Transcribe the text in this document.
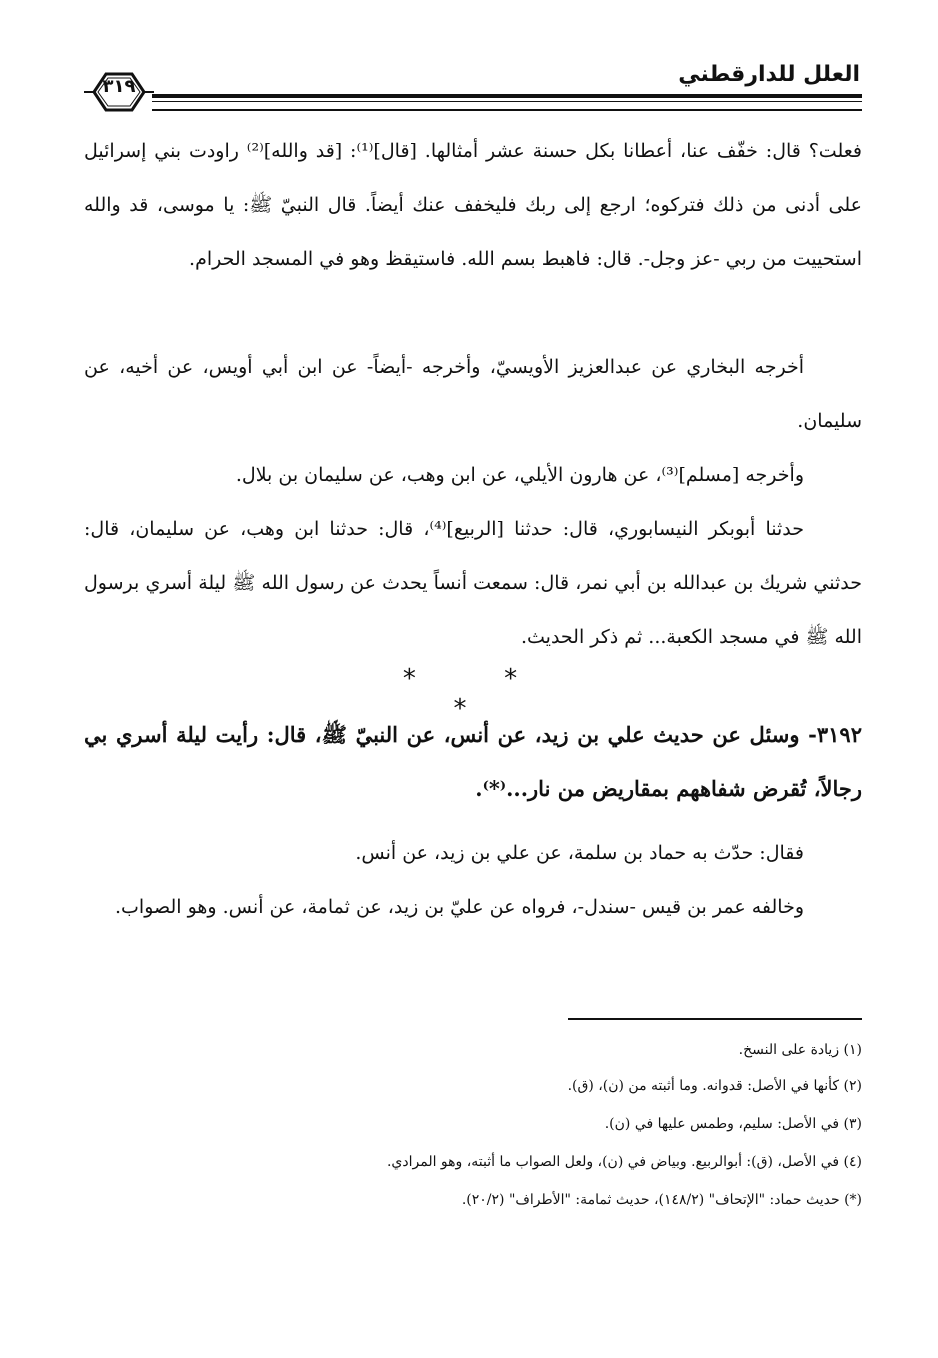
العلل للدارقطني
٣١٩

فعلت؟ قال: خفّف عنا، أعطانا بكل حسنة عشر أمثالها. [قال]⁽¹⁾: [قد والله]⁽²⁾ راودت بني إسرائيل على أدنى من ذلك فتركوه؛ ارجع إلى ربك فليخفف عنك أيضاً. قال النبيّ ﷺ: يا موسى، قد والله استحييت من ربي -عز وجل-. قال: فاهبط بسم الله. فاستيقظ وهو في المسجد الحرام.

أخرجه البخاري عن عبدالعزيز الأويسيّ، وأخرجه -أيضاً- عن ابن أبي أويس، عن أخيه، عن سليمان.

وأخرجه [مسلم]⁽³⁾، عن هارون الأيلي، عن ابن وهب، عن سليمان بن بلال.

حدثنا أبوبكر النيسابوري، قال: حدثنا [الربيع]⁽⁴⁾، قال: حدثنا ابن وهب، عن سليمان، قال: حدثني شريك بن عبدالله بن أبي نمر، قال: سمعت أنساً يحدث عن رسول الله ﷺ ليلة أسري برسول الله ﷺ في مسجد الكعبة... ثم ذكر الحديث.

* * *

٣١٩٢- وسئل عن حديث علي بن زيد، عن أنس، عن النبيّ ﷺ، قال: رأيت ليلة أسري بي رجالاً، تُقرض شفاههم بمقاريض من نار...⁽*⁾.

فقال: حدّث به حماد بن سلمة، عن علي بن زيد، عن أنس.

وخالفه عمر بن قيس -سندل-، فرواه عن عليّ بن زيد، عن ثمامة، عن أنس. وهو الصواب.

(١) زيادة على النسخ.
(٢) كأنها في الأصل: قدوانه. وما أثبته من (ن)، (ق).
(٣) في الأصل: سليم، وطمس عليها في (ن).
(٤) في الأصل، (ق): أبوالربيع. وبياض في (ن)، ولعل الصواب ما أثبته، وهو المرادي.
(*) حديث حماد: "الإتحاف" (١٤٨/٢)، حديث ثمامة: "الأطراف" (٢٠/٢).
